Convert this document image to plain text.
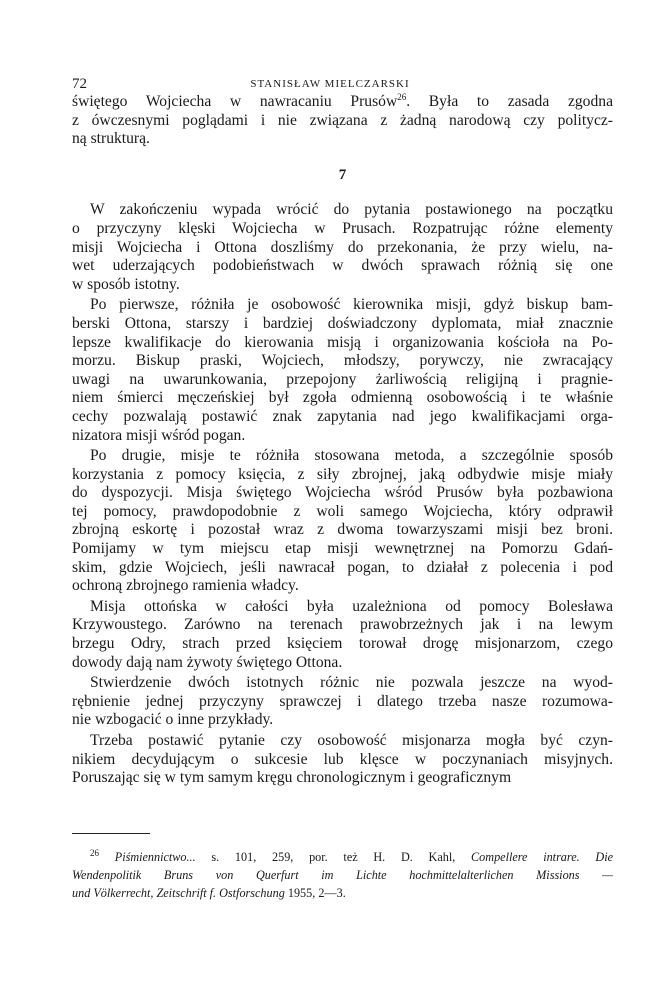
72	STANISŁAW MIELCZARSKI
świętego Wojciecha w nawracaniu Prusów$^{26}$. Była to zasada zgodna
z ówczesnymi poglądami i nie związana z żadną narodową czy politycz-
ną strukturą.
7
W zakończeniu wypada wrócić do pytania postawionego na początku
o przyczyny klęski Wojciecha w Prusach. Rozpatrując różne elementy
misji Wojciecha i Ottona doszliśmy do przekonania, że przy wielu, na-
wet uderzających podobieństwach w dwóch sprawach różnią się one
w sposób istotny.
Po pierwsze, różniła je osobowość kierownika misji, gdyż biskup bam-
berski Ottona, starszy i bardziej doświadczony dyplomata, miał znacznie
lepsze kwalifikacje do kierowania misją i organizowania kościoła na Po-
morzu. Biskup praski, Wojciech, młodszy, porywczy, nie zwracający
uwagi na uwarunkowania, przepojony żarliwością religijną i pragnie-
niem śmierci męczeńskiej był zgoła odmienną osobowością i te właśnie
cechy pozwalają postawić znak zapytania nad jego kwalifikacjami orga-
nizatora misji wśród pogan.
Po drugie, misje te różniła stosowana metoda, a szczególnie sposób
korzystania z pomocy księcia, z siły zbrojnej, jaką odbydwie misje miały
do dyspozycji. Misja świętego Wojciecha wśród Prusów była pozbawiona
tej pomocy, prawdopodobnie z woli samego Wojciecha, który odprawił
zbrojną eskortę i pozostał wraz z dwoma towarzyszami misji bez broni.
Pomijamy w tym miejscu etap misji wewnętrznej na Pomorzu Gdań-
skim, gdzie Wojciech, jeśli nawracał pogan, to działał z polecenia i pod
ochroną zbrojnego ramienia władcy.
Misja ottońska w całości była uzależniona od pomocy Bolesława
Krzywoustego. Zarówno na terenach prawobrzeżnych jak i na lewym
brzegu Odry, strach przed księciem torował drogę misjonarzom, czego
dowody dają nam żywoty świętego Ottona.
Stwierdzenie dwóch istotnych różnic nie pozwala jeszcze na wyod-
rębnienie jednej przyczyny sprawczej i dlatego trzeba nasze rozumowa-
nie wzbogacić o inne przykłady.
Trzeba postawić pytanie czy osobowość misjonarza mogła być czyn-
nikiem decydującym o sukcesie lub klęsce w poczynaniach misyjnych.
Poruszając się w tym samym kręgu chronologicznym i geograficznym
$^{26}$ Piśmiennictwo... s. 101, 259, por. też H. D. Kahl, Compellere intrare. Die
Wendenpolitik Bruns von Querfurt im Lichte hochmittelalterlichen Missions —
und Völkerrecht, Zeitschrift f. Ostforschung 1955, 2—3.
